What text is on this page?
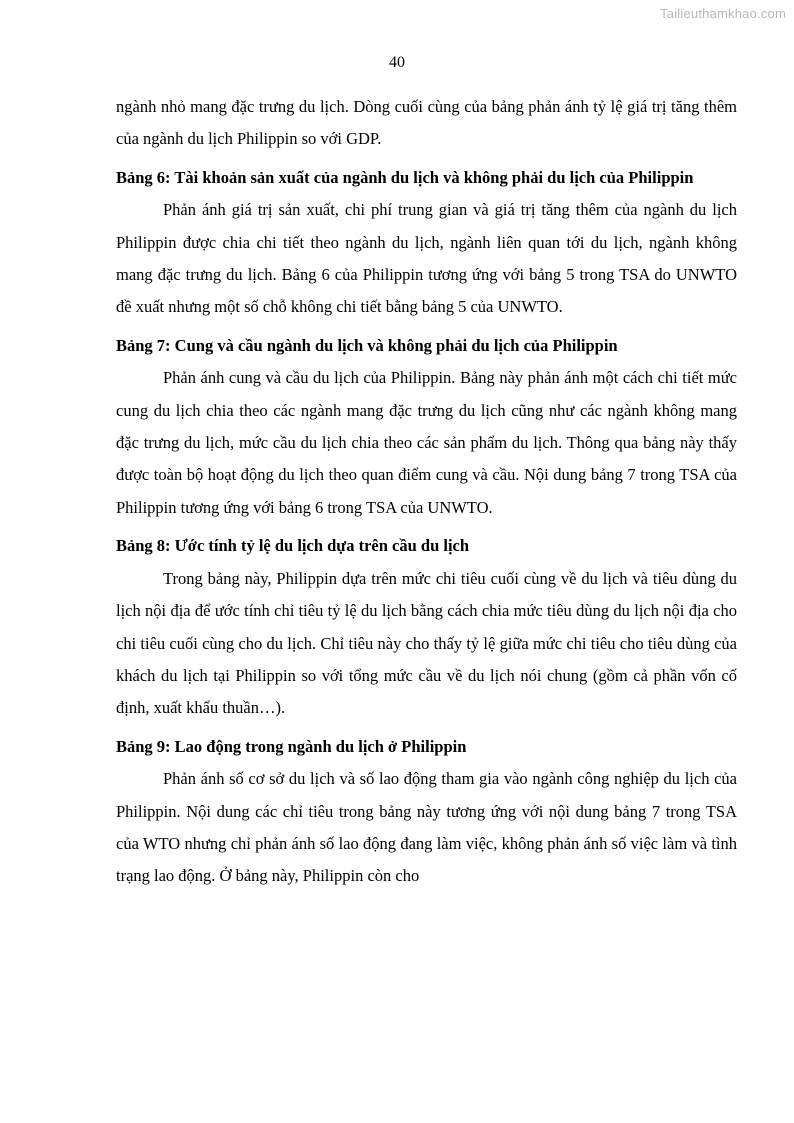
Tailieuthamkhao.com
40

ngành nhỏ mang đặc trưng du lịch. Dòng cuối cùng của bảng phản ánh tỷ lệ giá trị tăng thêm của ngành du lịch Philippin so với GDP.

Bảng 6: Tài khoản sản xuất của ngành du lịch và không phải du lịch của Philippin

Phản ánh giá trị sản xuất, chi phí trung gian và giá trị tăng thêm của ngành du lịch Philippin được chia chi tiết theo ngành du lịch, ngành liên quan tới du lịch, ngành không mang đặc trưng du lịch. Bảng 6 của Philippin tương ứng với bảng 5 trong TSA do UNWTO đề xuất nhưng một số chỗ không chi tiết bằng bảng 5 của UNWTO.

Bảng 7: Cung và cầu ngành du lịch và không phải du lịch của Philippin

Phản ánh cung và cầu du lịch của Philippin. Bảng này phản ánh một cách chi tiết mức cung du lịch chia theo các ngành mang đặc trưng du lịch cũng như các ngành không mang đặc trưng du lịch, mức cầu du lịch chia theo các sản phẩm du lịch. Thông qua bảng này thấy được toàn bộ hoạt động du lịch theo quan điểm cung và cầu. Nội dung bảng 7 trong TSA của Philippin tương ứng với bảng 6 trong TSA của UNWTO.

Bảng 8: Ước tính tỷ lệ du lịch dựa trên cầu du lịch

Trong bảng này, Philippin dựa trên mức chi tiêu cuối cùng về du lịch và tiêu dùng du lịch nội địa để ước tính chỉ tiêu tỷ lệ du lịch bằng cách chia mức tiêu dùng du lịch nội địa cho chi tiêu cuối cùng cho du lịch. Chỉ tiêu này cho thấy tỷ lệ giữa mức chi tiêu cho tiêu dùng của khách du lịch tại Philippin so với tổng mức cầu về du lịch nói chung (gồm cả phần vốn cố định, xuất khẩu thuần…).

Bảng 9: Lao động trong ngành du lịch ở Philippin

Phản ánh số cơ sở du lịch và số lao động tham gia vào ngành công nghiệp du lịch của Philippin. Nội dung các chỉ tiêu trong bảng này tương ứng với nội dung bảng 7 trong TSA của WTO nhưng chỉ phản ánh số lao động đang làm việc, không phản ánh số việc làm và tình trạng lao động. Ở bảng này, Philippin còn cho
